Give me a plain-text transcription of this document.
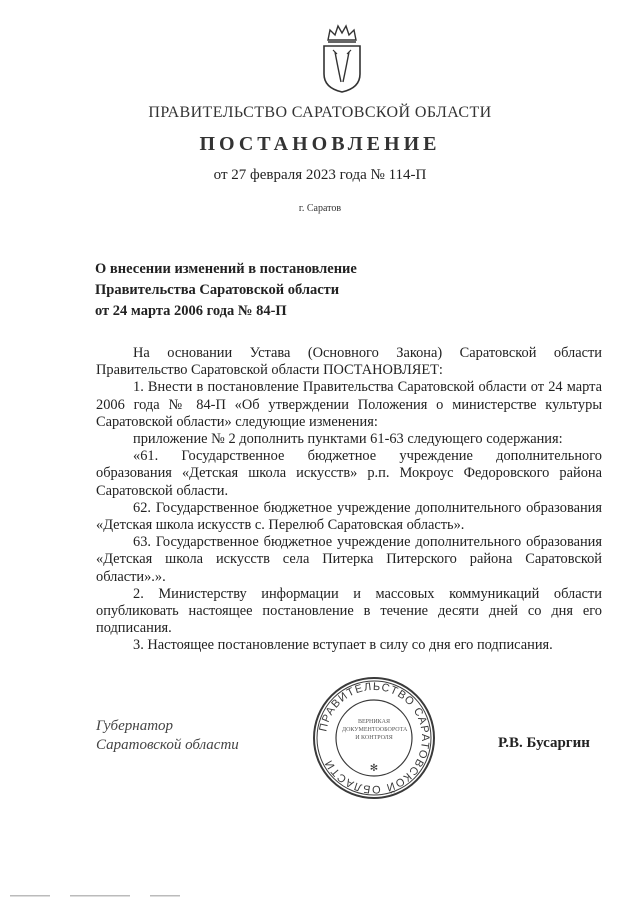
ПРАВИТЕЛЬСТВО САРАТОВСКОЙ ОБЛАСТИ
ПОСТАНОВЛЕНИЕ
от 27 февраля 2023 года № 114-П
г. Саратов
О внесении изменений в постановление
Правительства Саратовской области
от 24 марта 2006 года № 84-П

На основании Устава (Основного Закона) Саратовской области Правительство Саратовской области ПОСТАНОВЛЯЕТ:

1. Внести в постановление Правительства Саратовской области от 24 марта 2006 года № 84-П «Об утверждении Положения о министерстве культуры Саратовской области» следующие изменения:

приложение № 2 дополнить пунктами 61-63 следующего содержания:

«61. Государственное бюджетное учреждение дополнительного образования «Детская школа искусств» р.п. Мокроус Федоровского района Саратовской области.

62. Государственное бюджетное учреждение дополнительного образования «Детская школа искусств с. Перелюб Саратовская область».

63. Государственное бюджетное учреждение дополнительного образования «Детская школа искусств села Питерка Питерского района Саратовской области».».

2. Министерству информации и массовых коммуникаций области опубликовать настоящее постановление в течение десяти дней со дня его подписания.

3. Настоящее постановление вступает в силу со дня его подписания.

ПРАВИТЕЛЬСТВО САРАТОВСКОЙ ОБЛАСТИ	✻
ВЕРНИКАЯ ДОКУМЕНТООБОРОТА И КОНТРОЛЯ
Губернатор
Саратовской области	Р.В. Бусаргин
